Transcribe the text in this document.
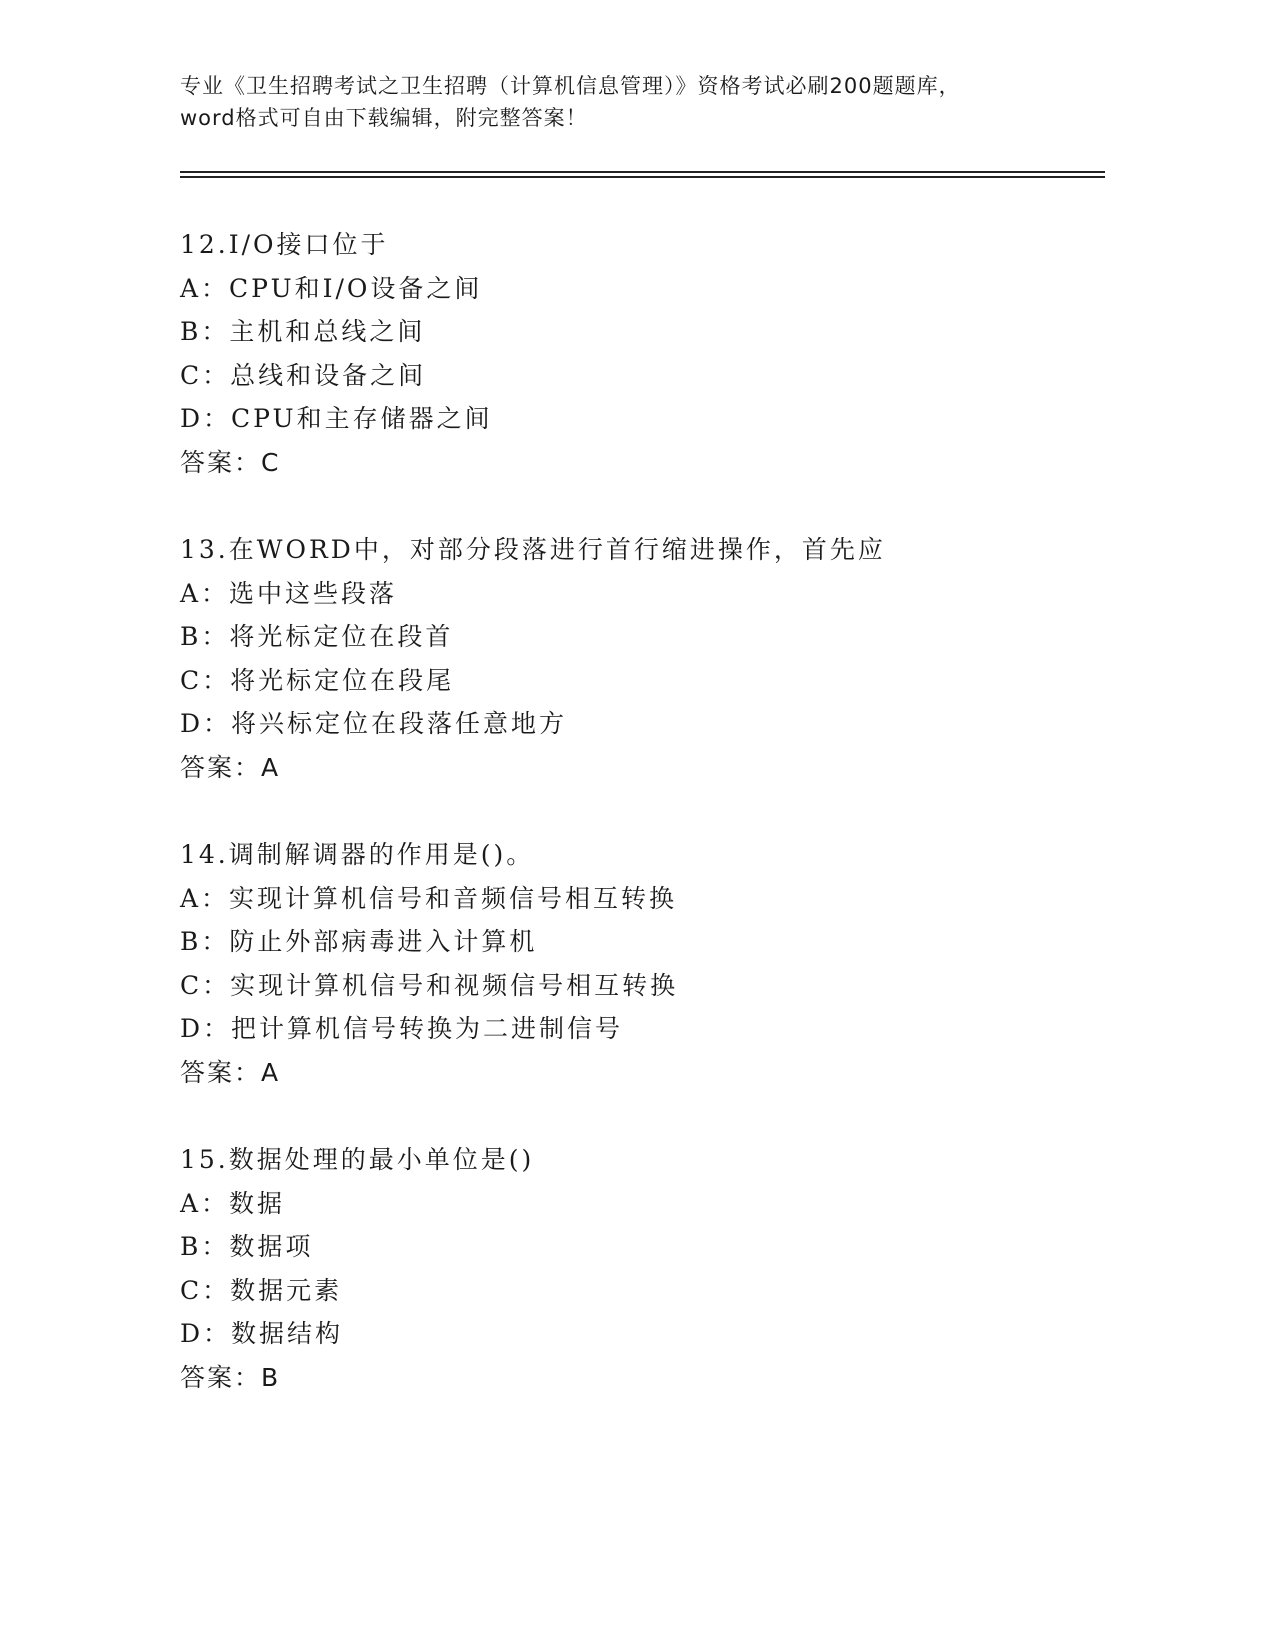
专业《卫生招聘考试之卫生招聘（计算机信息管理）》资格考试必刷200题题库，
word格式可自由下载编辑，附完整答案！
12.I/O接口位于
A：CPU和I/O设备之间
B：主机和总线之间
C：总线和设备之间
D：CPU和主存储器之间
答案：C
13.在WORD中，对部分段落进行首行缩进操作，首先应
A：选中这些段落
B：将光标定位在段首
C：将光标定位在段尾
D：将兴标定位在段落任意地方
答案：A
14.调制解调器的作用是()。
A：实现计算机信号和音频信号相互转换
B：防止外部病毒进入计算机
C：实现计算机信号和视频信号相互转换
D：把计算机信号转换为二进制信号
答案：A
15.数据处理的最小单位是()
A：数据
B：数据项
C：数据元素
D：数据结构
答案：B
